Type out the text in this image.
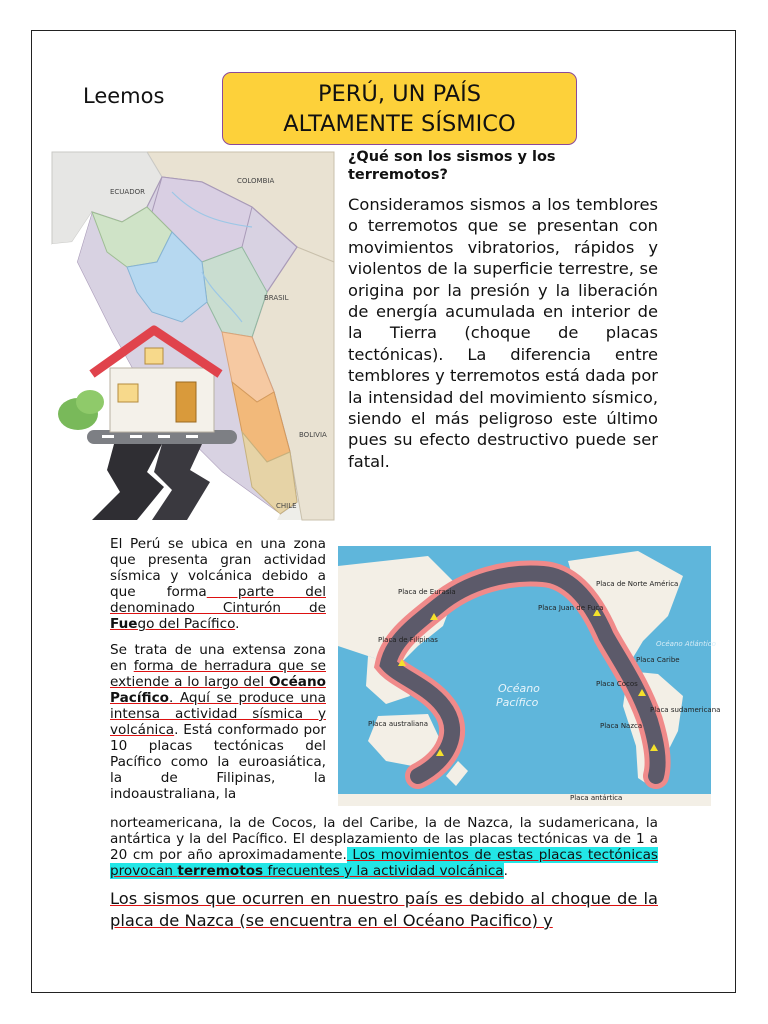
Leemos	PERÚ, UN PAÍS
ALTAMENTE SÍSMICO
ECUADOR
COLOMBIA
BRASIL
BOLIVIA
CHILE
¿Qué son los sismos y los terremotos?
Consideramos sismos a los temblores o terremotos que se presentan con movimientos vibratorios, rápidos y violentos de la superficie terrestre, se origina por la presión y la liberación de energía acumulada en interior de la Tierra (choque de placas tectónicas). La diferencia entre temblores y terremotos está dada por la intensidad del movimiento sísmico, siendo el más peligroso este último pues su efecto destructivo puede ser fatal.
Placa de Eurasia
Placa de Norte América
Placa Juan de Fuca
Placa de Filipinas
Océano
Pacífico
Océano Atlántico
Placa Caribe
Placa Cocos
Placa sudamericana
Placa australiana	Placa Nazca
Placa antártica

El Perú se ubica en una zona que presenta gran actividad sísmica y volcánica debido a que forma parte del denominado Cinturón de Fuego del Pacífico.

Se trata de una extensa zona en forma de herradura que se extiende a lo largo del Océano Pacífico. Aquí se produce una intensa actividad sísmica y volcánica. Está conformado por 10 placas tectónicas del Pacífico como la euroasiática, la de Filipinas, la indoaustraliana, la

norteamericana, la de Cocos, la del Caribe, la de Nazca, la sudamericana, la antártica y la del Pacífico. El desplazamiento de las placas tectónicas va de 1 a 20 cm por año aproximadamente. Los movimientos de estas placas tectónicas provocan terremotos frecuentes y la actividad volcánica.
Los sismos que ocurren en nuestro país es debido al choque de la placa de Nazca (se encuentra en el Océano Pacifico) y
